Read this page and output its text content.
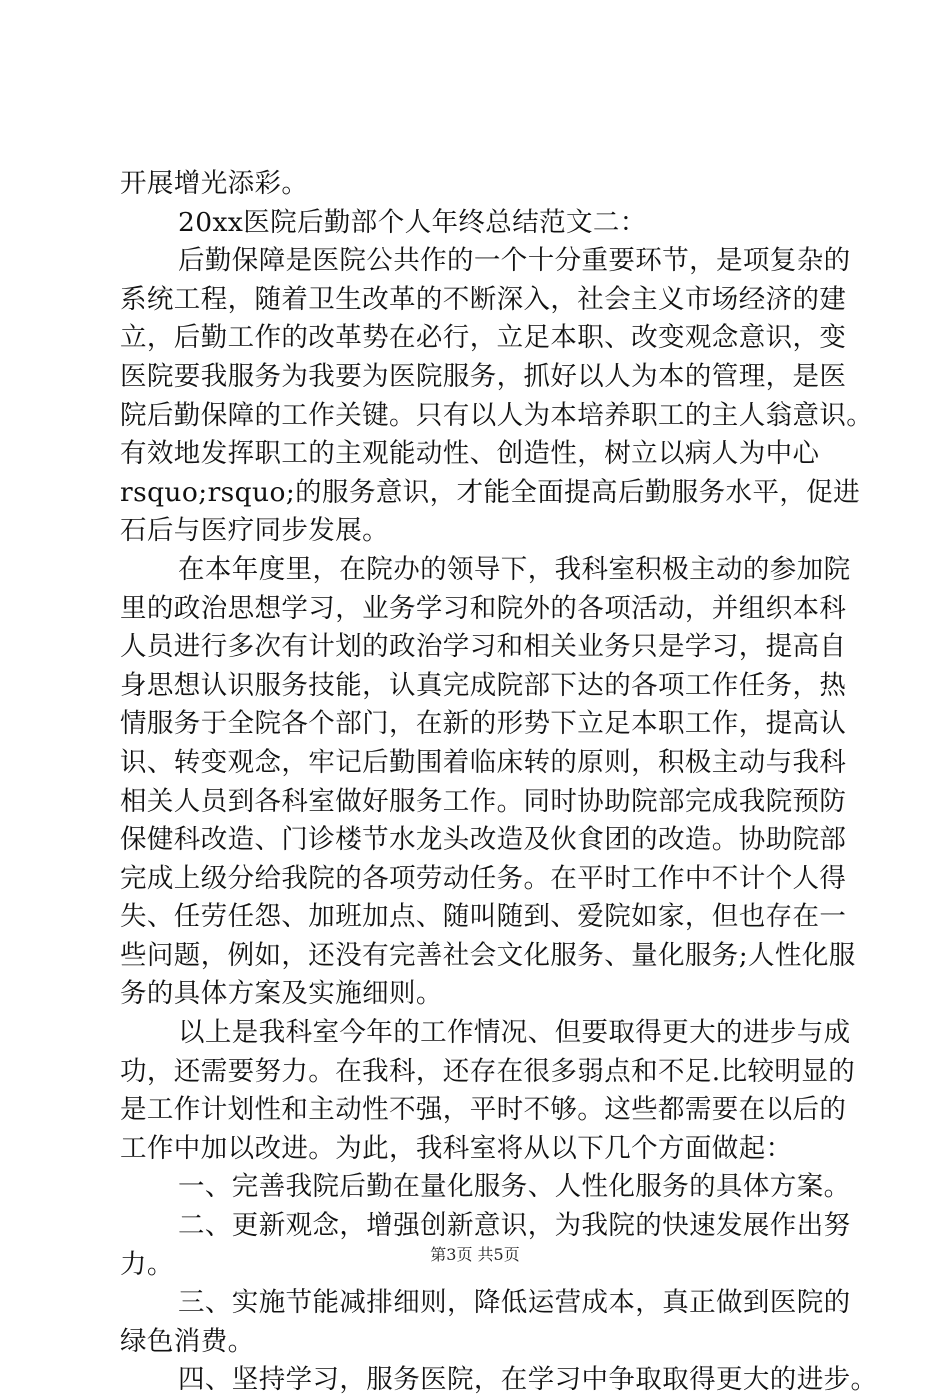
开展增光添彩。
20xx医院后勤部个人年终总结范文二：
后勤保障是医院公共作的一个十分重要环节，是项复杂的
系统工程，随着卫生改革的不断深入，社会主义市场经济的建
立，后勤工作的改革势在必行，立足本职、改变观念意识，变
医院要我服务为我要为医院服务，抓好以人为本的管理，是医
院后勤保障的工作关键。只有以人为本培养职工的主人翁意识。
有效地发挥职工的主观能动性、创造性，树立以病人为中心
rsquo;rsquo;的服务意识，才能全面提高后勤服务水平，促进
石后与医疗同步发展。
在本年度里，在院办的领导下，我科室积极主动的参加院
里的政治思想学习，业务学习和院外的各项活动，并组织本科
人员进行多次有计划的政治学习和相关业务只是学习，提高自
身思想认识服务技能，认真完成院部下达的各项工作任务，热
情服务于全院各个部门，在新的形势下立足本职工作，提高认
识、转变观念，牢记后勤围着临床转的原则，积极主动与我科
相关人员到各科室做好服务工作。同时协助院部完成我院预防
保健科改造、门诊楼节水龙头改造及伙食团的改造。协助院部
完成上级分给我院的各项劳动任务。在平时工作中不计个人得
失、任劳任怨、加班加点、随叫随到、爱院如家，但也存在一
些问题，例如，还没有完善社会文化服务、量化服务;人性化服
务的具体方案及实施细则。
以上是我科室今年的工作情况、但要取得更大的进步与成
功，还需要努力。在我科，还存在很多弱点和不足.比较明显的
是工作计划性和主动性不强，平时不够。这些都需要在以后的
工作中加以改进。为此，我科室将从以下几个方面做起：
一、完善我院后勤在量化服务、人性化服务的具体方案。
二、更新观念，增强创新意识，为我院的快速发展作出努
力。
三、实施节能减排细则，降低运营成本，真正做到医院的
绿色消费。
四、坚持学习，服务医院，在学习中争取取得更大的进步。
第3页 共5页
